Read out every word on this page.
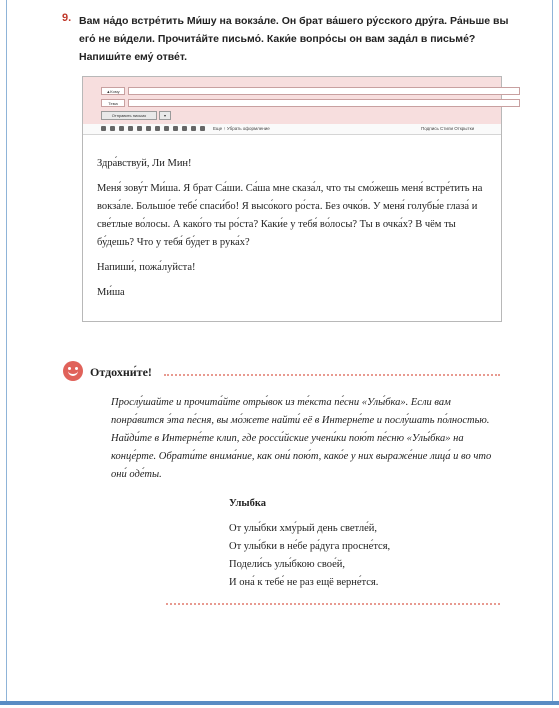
9. Вам на́до встре́тить Ми́шу на вокза́ле. Он брат ва́шего ру́сского дру́га. Ра́ньше вы его́ не ви́дели. Прочита́йте письмо́. Каки́е вопро́сы он вам зада́л в письме́? Напиши́те ему́ отве́т.
▲Кому
Тема
Отправить письмо	▾
Еще ↑ Убрать оформление	Подпись Стили Открытки

Здра́вствуй, Ли Мин!

Меня́ зову́т Ми́ша. Я брат Са́ши. Са́ша мне сказа́л, что ты смо́жешь меня́ встре́тить на вокза́ле. Большо́е тебе́ спаси́бо! Я высо́кого ро́ста. Без очко́в. У меня́ голубы́е глаза́ и све́тлые во́лосы. А како́го ты ро́ста? Каки́е у тебя́ во́лосы? Ты в очка́х? В чём ты бу́дешь? Что у тебя́ бу́дет в рука́х?

Напиши́, пожа́луйста!

Ми́ша

Отдохни́те!
Прослу́шайте и прочита́йте отры́вок из те́кста пе́сни «Улы́бка». Если вам понра́вится э́та пе́сня, вы мо́жете найти́ её в Интерне́те и послу́шать по́лностью. Найди́те в Интерне́те клип, где росси́йские учени́ки пою́т пе́сню «Улы́бка» на конце́рте. Обрати́те внима́ние, как они́ пою́т, како́е у них выраже́ние лица́ и во что они́ оде́ты.
Улыбка
От улы́бки хму́рый день светле́й,
От улы́бки в не́бе ра́дуга просне́тся,
Подели́сь улы́бкою свое́й,
И она́ к тебе́ не раз ещё верне́тся.
